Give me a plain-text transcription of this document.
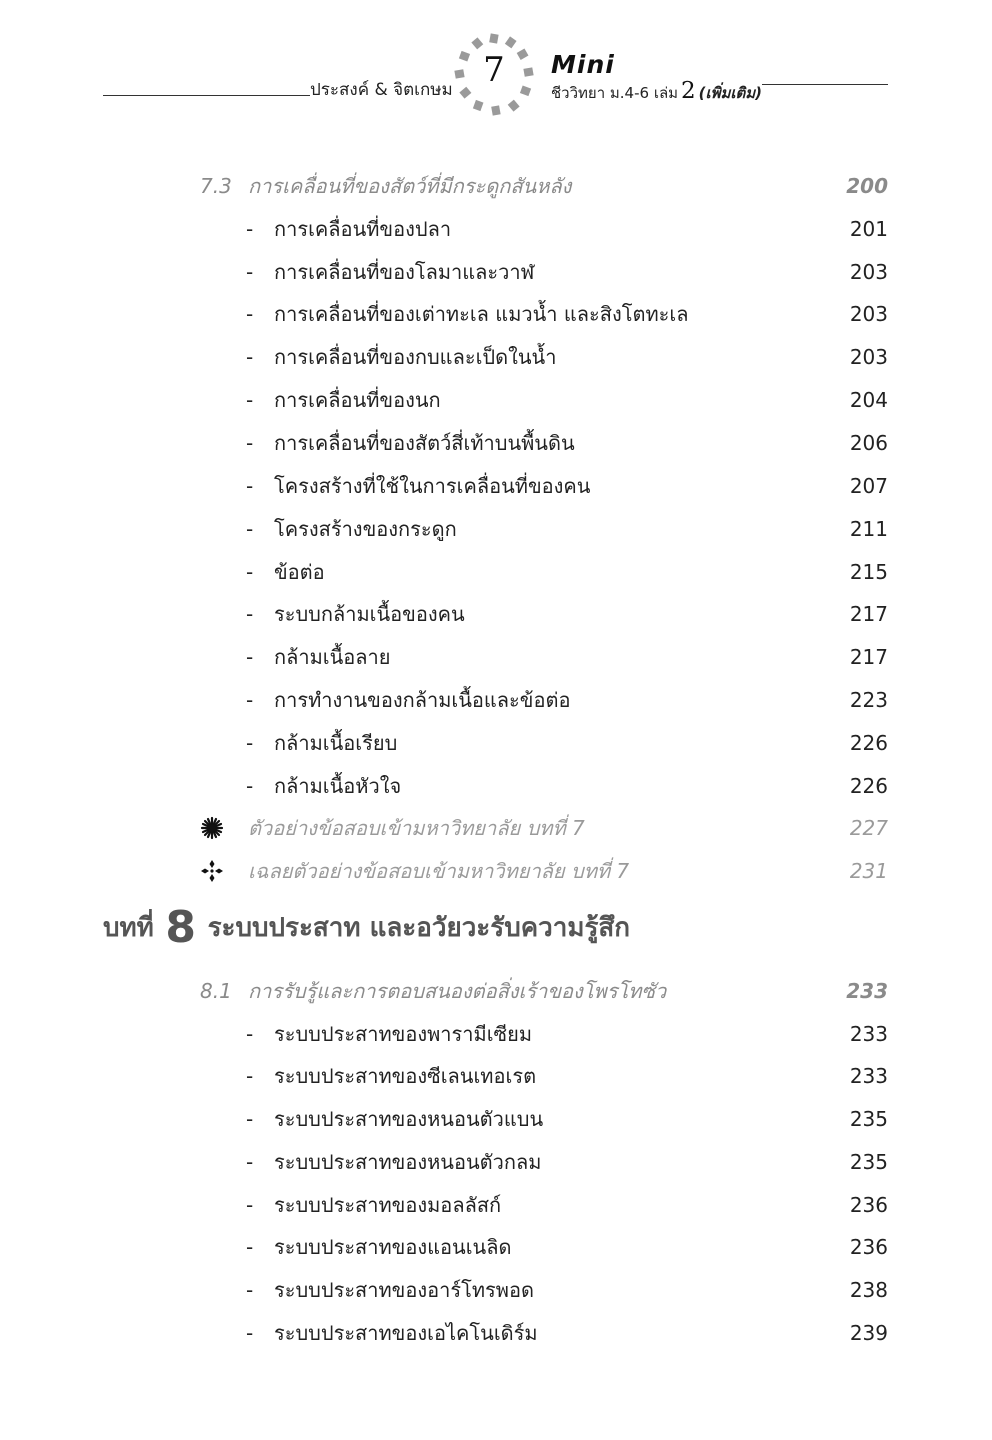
ประสงค์ & จิตเกษม 7	Mini
ชีววิทยา ม.4-6 เล่ม 2 (เพิ่มเติม)
7.3 การเคลื่อนที่ของสัตว์ที่มีกระดูกสันหลัง	200
- การเคลื่อนที่ของปลา	201
- การเคลื่อนที่ของโลมาและวาฬ	203
- การเคลื่อนที่ของเต่าทะเล แมวน้ำ และสิงโตทะเล	203
- การเคลื่อนที่ของกบและเป็ดในน้ำ	203
- การเคลื่อนที่ของนก	204
- การเคลื่อนที่ของสัตว์สี่เท้าบนพื้นดิน	206
- โครงสร้างที่ใช้ในการเคลื่อนที่ของคน	207
- โครงสร้างของกระดูก	211
- ข้อต่อ	215
- ระบบกล้ามเนื้อของคน	217
- กล้ามเนื้อลาย	217
- การทำงานของกล้ามเนื้อและข้อต่อ	223
- กล้ามเนื้อเรียบ	226
- กล้ามเนื้อหัวใจ	226
ตัวอย่างข้อสอบเข้ามหาวิทยาลัย บทที่ 7	227
เฉลยตัวอย่างข้อสอบเข้ามหาวิทยาลัย บทที่ 7	231
บทที่ 8 ระบบประสาท และอวัยวะรับความรู้สึก
8.1 การรับรู้และการตอบสนองต่อสิ่งเร้าของโพรโทซัว	233
- ระบบประสาทของพารามีเซียม	233
- ระบบประสาทของซีเลนเทอเรต	233
- ระบบประสาทของหนอนตัวแบน	235
- ระบบประสาทของหนอนตัวกลม	235
- ระบบประสาทของมอลลัสก์	236
- ระบบประสาทของแอนเนลิด	236
- ระบบประสาทของอาร์โทรพอด	238
- ระบบประสาทของเอไคโนเดิร์ม	239
